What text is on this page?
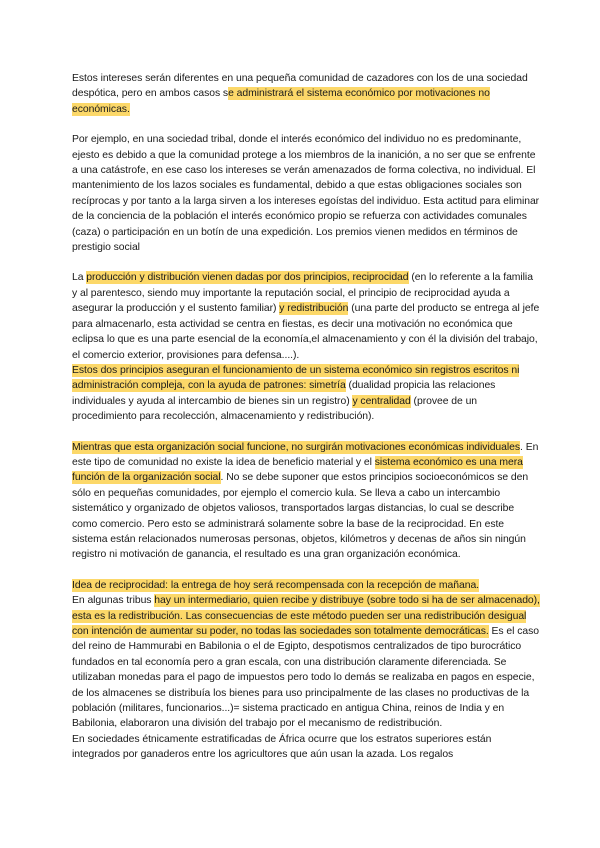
Estos intereses serán diferentes en una pequeña comunidad de cazadores con los de una sociedad despótica, pero en ambos casos se administrará el sistema económico por motivaciones no económicas.

Por ejemplo, en una sociedad tribal, donde el interés económico del individuo no es predominante, ejesto es debido a que la comunidad protege a los miembros de la inanición, a no ser que se enfrente a una catástrofe, en ese caso los intereses se verán amenazados de forma colectiva, no individual. El mantenimiento de los lazos sociales es fundamental, debido a que estas obligaciones sociales son recíprocas y por tanto a la larga sirven a los intereses egoístas del individuo. Esta actitud para eliminar de la conciencia de la población el interés económico propio se refuerza con actividades comunales (caza) o participación en un botín de una expedición. Los premios vienen medidos en términos de prestigio social

La producción y distribución vienen dadas por dos principios, reciprocidad (en lo referente a la familia y al parentesco, siendo muy importante la reputación social, el principio de reciprocidad ayuda a asegurar la producción y el sustento familiar) y redistribución (una parte del producto se entrega al jefe para almacenarlo, esta actividad se centra en fiestas, es decir una motivación no económica que eclipsa lo que es una parte esencial de la economía,el almacenamiento y con él la división del trabajo, el comercio exterior, provisiones para defensa....).

Estos dos principios aseguran el funcionamiento de un sistema económico sin registros escritos ni administración compleja, con la ayuda de patrones: simetría (dualidad propicia las relaciones individuales y ayuda al intercambio de bienes sin un registro) y centralidad (provee de un procedimiento para recolección, almacenamiento y redistribución).

Mientras que esta organización social funcione, no surgirán motivaciones económicas individuales. En este tipo de comunidad no existe la idea de beneficio material y el sistema económico es una mera función de la organización social. No se debe suponer que estos principios socioeconómicos se den sólo en pequeñas comunidades, por ejemplo el comercio kula. Se lleva a cabo un intercambio sistemático y organizado de objetos valiosos, transportados largas distancias, lo cual se describe como comercio. Pero esto se administrará solamente sobre la base de la reciprocidad. En este sistema están relacionados numerosas personas, objetos, kilómetros y decenas de años sin ningún registro ni motivación de ganancia, el resultado es una gran organización económica.

Idea de reciprocidad: la entrega de hoy será recompensada con la recepción de mañana.

En algunas tribus hay un intermediario, quien recibe y distribuye (sobre todo si ha de ser almacenado), esta es la redistribución. Las consecuencias de este método pueden ser una redistribución desigual con intención de aumentar su poder, no todas las sociedades son totalmente democráticas. Es el caso del reino de Hammurabi en Babilonia o el de Egipto, despotismos centralizados de tipo burocrático fundados en tal economía pero a gran escala, con una distribución claramente diferenciada. Se utilizaban monedas para el pago de impuestos pero todo lo demás se realizaba en pagos en especie, de los almacenes se distribuía los bienes para uso principalmente de las clases no productivas de la población (militares, funcionarios...)= sistema practicado en antigua China, reinos de India y en Babilonia, elaboraron una división del trabajo por el mecanismo de redistribución.

En sociedades étnicamente estratificadas de África ocurre que los estratos superiores están integrados por ganaderos entre los agricultores que aún usan la azada. Los regalos
